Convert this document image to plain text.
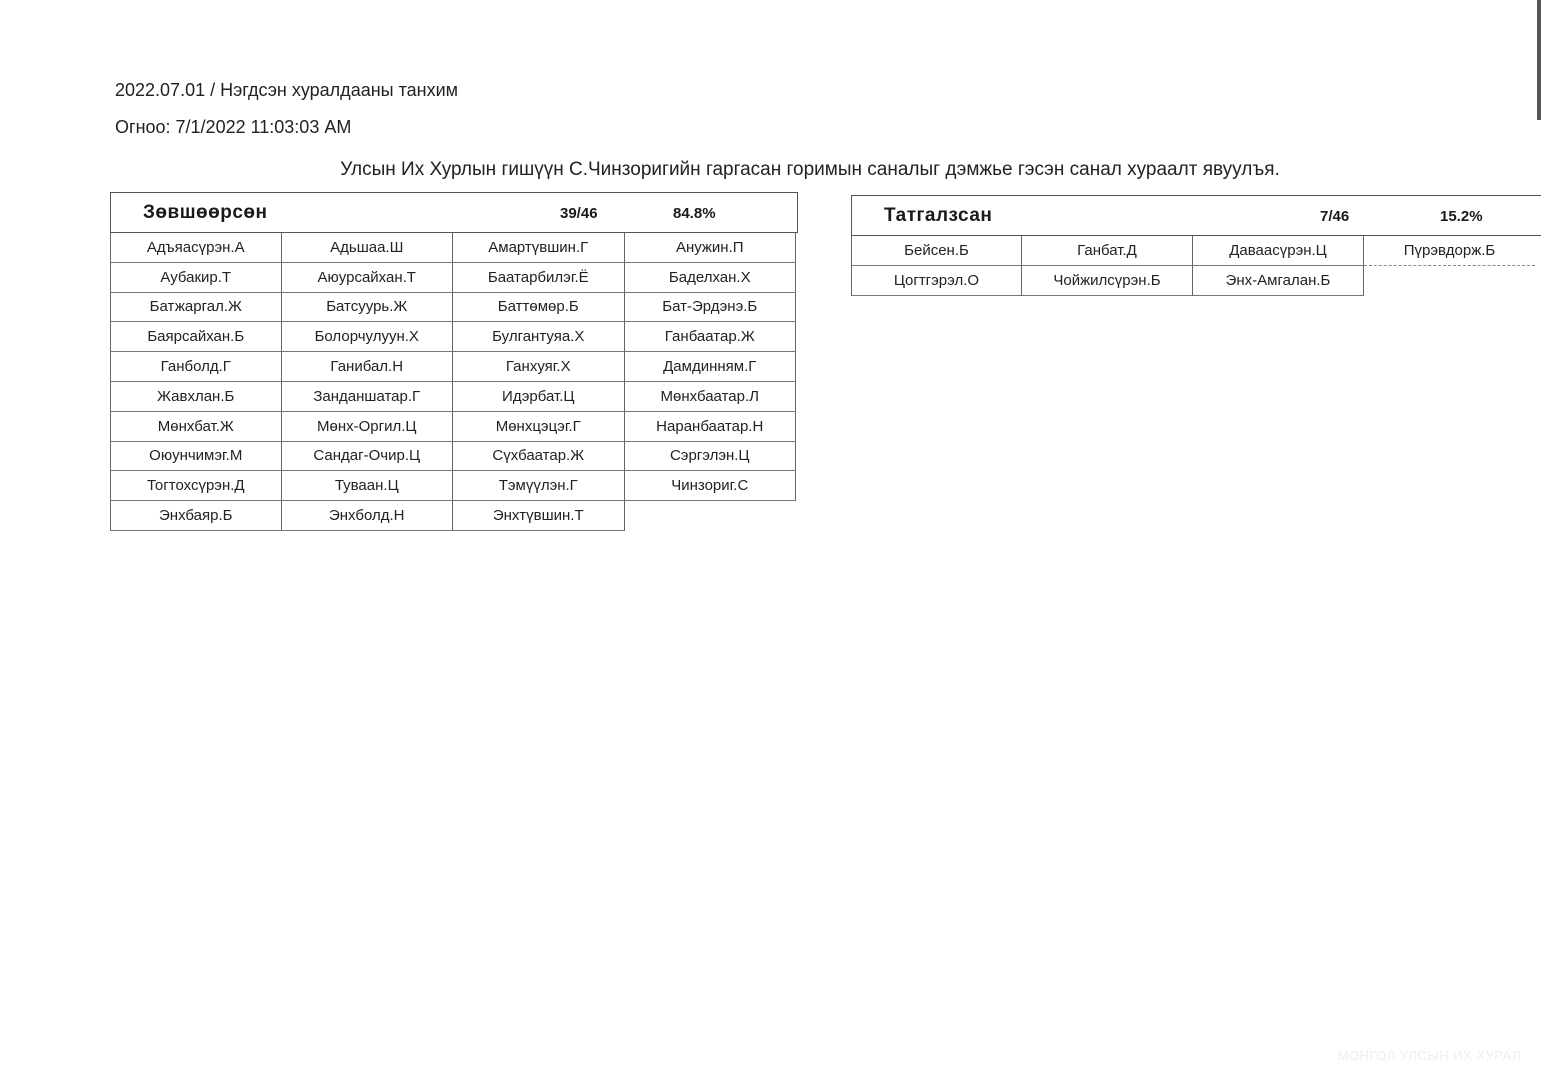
2022.07.01 / Нэгдсэн хуралдааны танхим
Огноо: 7/1/2022 11:03:03 AM
Улсын Их Хурлын гишүүн С.Чинзоригийн гаргасан горимын саналыг дэмжье гэсэн санал хураалт явуулъя.
Зөвшөөрсөн	39/46	84.8%
Адъяасүрэн.А	Адьшаа.Ш	Амартүвшин.Г	Анужин.П
Аубакир.Т	Аюурсайхан.Т	Баатарбилэг.Ё	Баделхан.Х
Батжаргал.Ж	Батсуурь.Ж	Баттөмөр.Б	Бат-Эрдэнэ.Б
Баярсайхан.Б	Болорчулуун.Х	Булгантуяа.Х	Ганбаатар.Ж
Ганболд.Г	Ганибал.Н	Ганхуяг.Х	Дамдинням.Г
Жавхлан.Б	Занданшатар.Г	Идэрбат.Ц	Мөнхбаатар.Л
Мөнхбат.Ж	Мөнх-Оргил.Ц	Мөнхцэцэг.Г	Наранбаатар.Н
Оюунчимэг.М	Сандаг-Очир.Ц	Сүхбаатар.Ж	Сэргэлэн.Ц
Тогтохсүрэн.Д	Туваан.Ц	Тэмүүлэн.Г	Чинзориг.С
Энхбаяр.Б	Энхболд.Н	Энхтүвшин.Т
Татгалзсан	7/46	15.2%
Бейсен.Б	Ганбат.Д	Даваасүрэн.Ц	Пүрэвдорж.Б
Цогтгэрэл.О	Чойжилсүрэн.Б	Энх-Амгалан.Б
МОНГОЛ УЛСЫН ИХ ХУРАЛ
